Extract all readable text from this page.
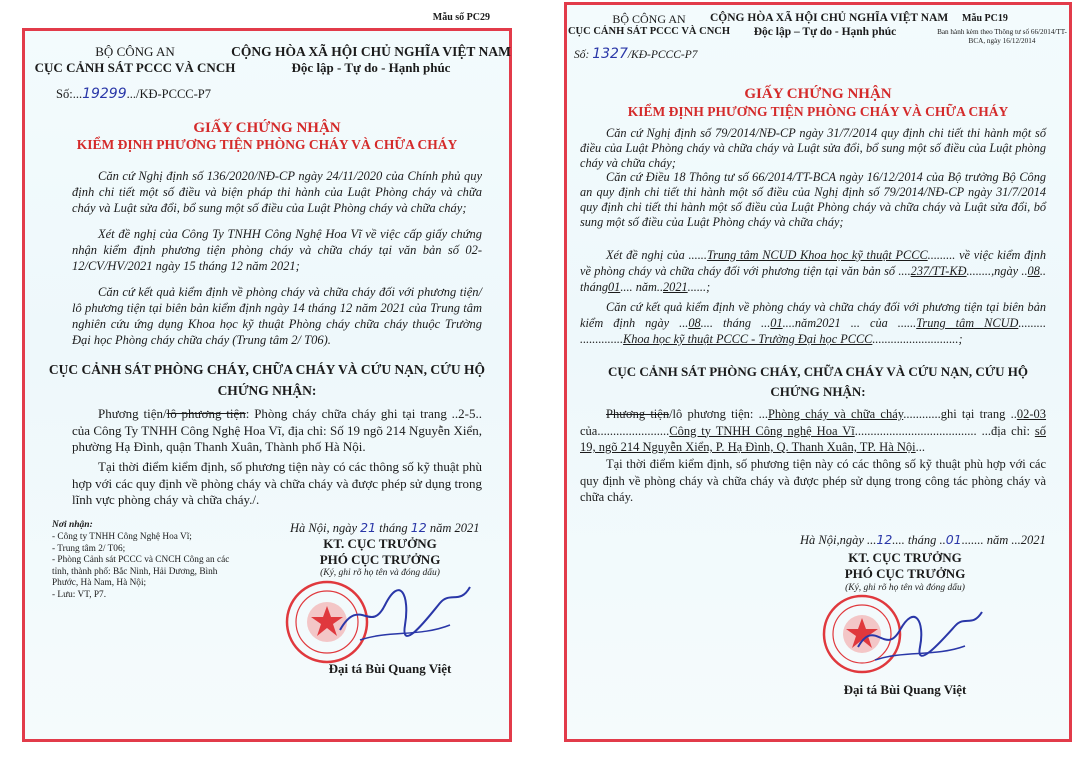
Mẫu số PC29
BỘ CÔNG AN
CỤC CẢNH SÁT PCCC VÀ CNCH
CỘNG HÒA XÃ HỘI CHỦ NGHĨA VIỆT NAM
Độc lập - Tự do - Hạnh phúc
Số:...19299.../KĐ-PCCC-P7
GIẤY CHỨNG NHẬN
KIỂM ĐỊNH PHƯƠNG TIỆN PHÒNG CHÁY VÀ CHỮA CHÁY
Căn cứ Nghị định số 136/2020/NĐ-CP ngày 24/11/2020 của Chính phủ quy định chi tiết một số điều và biện pháp thi hành của Luật Phòng cháy và chữa cháy và Luật sửa đổi, bổ sung một số điều của Luật Phòng cháy và chữa cháy;
Xét đề nghị của Công Ty TNHH Công Nghệ Hoa Vĩ về việc cấp giấy chứng nhận kiểm định phương tiện phòng cháy và chữa cháy tại văn bản số 02-12/CV/HV/2021 ngày 15 tháng 12 năm 2021;
Căn cứ kết quả kiểm định về phòng cháy và chữa cháy đối với phương tiện/ lô phương tiện tại biên bản kiểm định ngày 14 tháng 12 năm 2021 của Trung tâm nghiên cứu ứng dụng Khoa học kỹ thuật Phòng cháy chữa cháy thuộc Trường Đại học Phòng cháy chữa cháy (Trung tâm 2/ T06).
CỤC CẢNH SÁT PHÒNG CHÁY, CHỮA CHÁY VÀ CỨU NẠN, CỨU HỘ
CHỨNG NHẬN:
Phương tiện/lô phương tiện: Phòng cháy chữa cháy ghi tại trang ..2-5.. của Công Ty TNHH Công Nghệ Hoa Vĩ, địa chỉ: Số 19 ngõ 214 Nguyễn Xiển, phường Hạ Đình, quận Thanh Xuân, Thành phố Hà Nội.
Tại thời điểm kiểm định, số phương tiện này có các thông số kỹ thuật phù hợp với các quy định về phòng cháy và chữa cháy và được phép sử dụng trong lĩnh vực phòng cháy và chữa cháy./.
Nơi nhận:
- Công ty TNHH Công Nghệ Hoa Vĩ;
- Trung tâm 2/ T06;
- Phòng Cảnh sát PCCC và CNCH Công an các tỉnh, thành phố: Bắc Ninh, Hải Dương, Bình Phước, Hà Nam, Hà Nội;
- Lưu: VT, P7.
Hà Nội, ngày 21 tháng 12 năm 2021
KT. CỤC TRƯỞNG
PHÓ CỤC TRƯỞNG
(Ký, ghi rõ họ tên và đóng dấu)
Đại tá Bùi Quang Việt
BỘ CÔNG AN
CỤC CẢNH SÁT PCCC VÀ CNCH
CỘNG HÒA XÃ HỘI CHỦ NGHĨA VIỆT NAM
Độc lập – Tự do - Hạnh phúc
Mẫu PC19
Ban hành kèm theo Thông tư số 66/2014/TT-BCA, ngày 16/12/2014
Số: 1327/KĐ-PCCC-P7
GIẤY CHỨNG NHẬN
KIỂM ĐỊNH PHƯƠNG TIỆN PHÒNG CHÁY VÀ CHỮA CHÁY
Căn cứ Nghị định số 79/2014/NĐ-CP ngày 31/7/2014 quy định chi tiết thi hành một số điều của Luật Phòng cháy và chữa cháy và Luật sửa đổi, bổ sung một số điều của Luật phòng cháy và chữa cháy;
Căn cứ Điều 18 Thông tư số 66/2014/TT-BCA ngày 16/12/2014 của Bộ trưởng Bộ Công an quy định chi tiết thi hành một số điều của Nghị định số 79/2014/NĐ-CP ngày 31/7/2014 quy định chi tiết thi hành một số điều của Luật Phòng cháy và chữa cháy và Luật sửa đổi, bổ sung một số điều của Luật Phòng cháy và chữa cháy;
Xét đề nghị của ......Trung tâm NCUD Khoa học kỹ thuật PCCC......... về việc kiểm định về phòng cháy và chữa cháy đối với phương tiện tại văn bản số ....237/TT-KĐ........,ngày ..08.. tháng01.... năm..2021......;
Căn cứ kết quả kiểm định về phòng cháy và chữa cháy đối với phương tiện tại biên bản kiểm định ngày ...08.... tháng ...01....năm2021 ... của ......Trung tâm NCUD......... ..............Khoa học kỹ thuật PCCC - Trường Đại học PCCC............................;
CỤC CẢNH SÁT PHÒNG CHÁY, CHỮA CHÁY VÀ CỨU NẠN, CỨU HỘ
CHỨNG NHẬN:
Phương tiện/lô phương tiện: ...Phòng cháy và chữa cháy............ghi tại trang ..02-03 của.......................Công ty TNHH Công nghệ Hoa Vĩ....................................... ...địa chỉ: số 19, ngõ 214 Nguyễn Xiển, P. Hạ Đình, Q. Thanh Xuân, TP. Hà Nội...
Tại thời điểm kiểm định, số phương tiện này có các thông số kỹ thuật phù hợp với các quy định về phòng cháy và chữa cháy và được phép sử dụng trong công tác phòng cháy và chữa cháy.
Hà Nội,ngày ...12.... tháng ..01....... năm ...2021
KT. CỤC TRƯỞNG
PHÓ CỤC TRƯỞNG
(Ký, ghi rõ họ tên và đóng dấu)
Đại tá Bùi Quang Việt
